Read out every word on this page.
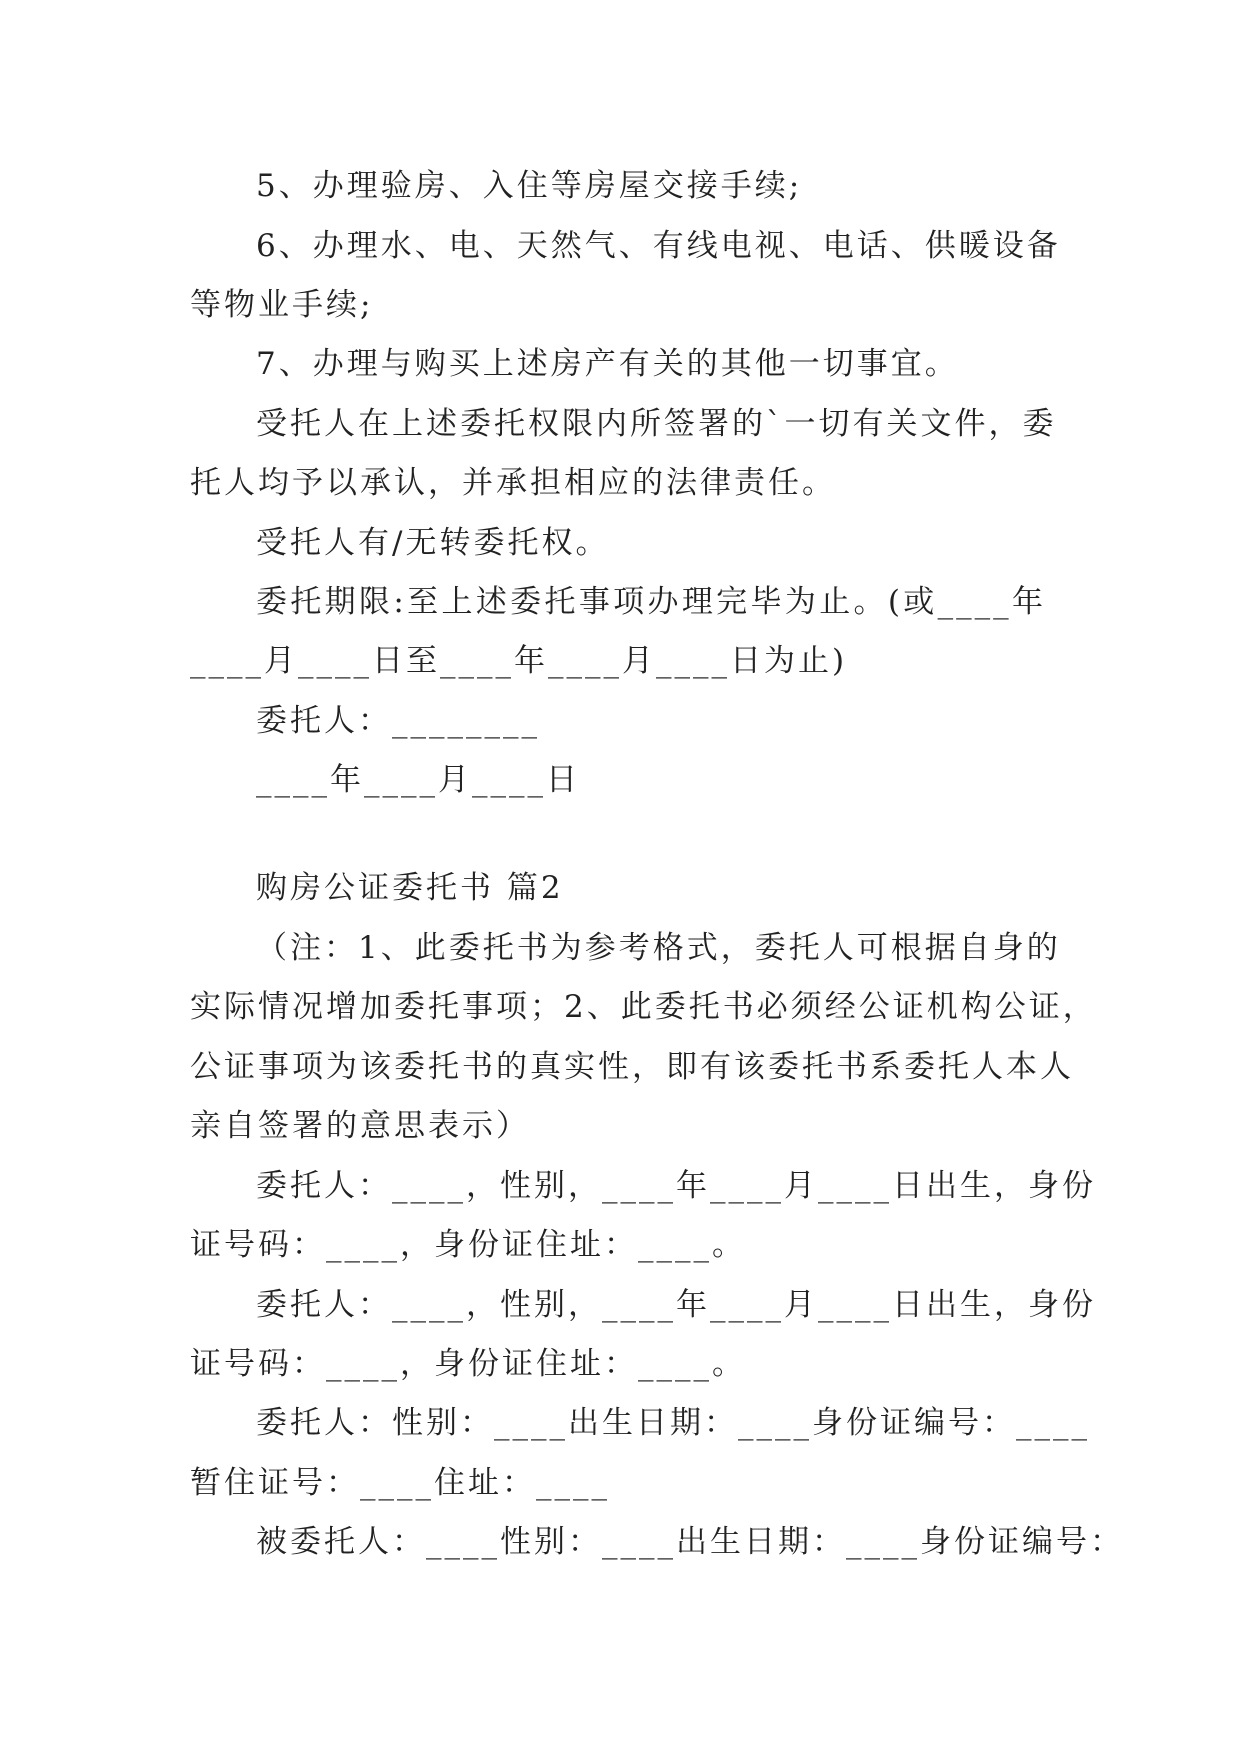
5、办理验房、入住等房屋交接手续;

6、办理水、电、天然气、有线电视、电话、供暖设备

等物业手续;

7、办理与购买上述房产有关的其他一切事宜。

受托人在上述委托权限内所签署的`一切有关文件，委

托人均予以承认，并承担相应的法律责任。

受托人有/无转委托权。

委托期限:至上述委托事项办理完毕为止。(或____年

____月____日至____年____月____日为止)

委托人：________

____年____月____日

购房公证委托书 篇2

（注：1、此委托书为参考格式，委托人可根据自身的

实际情况增加委托事项；2、此委托书必须经公证机构公证，

公证事项为该委托书的真实性，即有该委托书系委托人本人

亲自签署的意思表示）

委托人：____，性别，____年____月____日出生，身份

证号码：____，身份证住址：____。

委托人：____，性别，____年____月____日出生，身份

证号码：____，身份证住址：____。

委托人：性别：____出生日期：____身份证编号：____

暂住证号：____住址：____

被委托人：____性别：____出生日期：____身份证编号：
